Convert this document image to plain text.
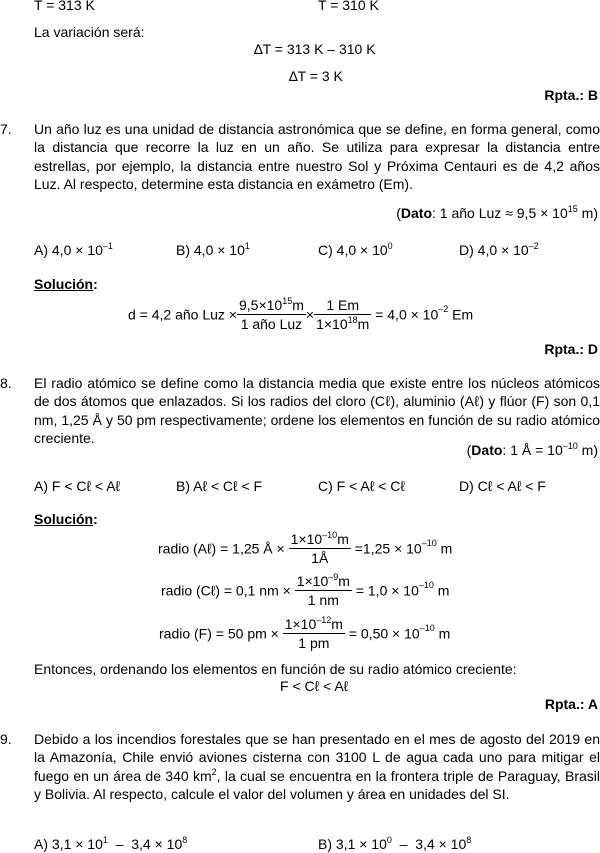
T = 313 K	T = 310 K
La variación será:
∆T = 313 K – 310 K
∆T = 3 K
Rpta.: B
7. Un año luz es una unidad de distancia astronómica que se define, en forma general, como la distancia que recorre la luz en un año. Se utiliza para expresar la distancia entre estrellas, por ejemplo, la distancia entre nuestro Sol y Próxima Centauri es de 4,2 años Luz. Al respecto, determine esta distancia en exámetro (Em).
(Dato: 1 año Luz ≈ $9,5 \times 10^{15}$ m)
A) $4,0 \times 10^{-1}$	B) $4,0 \times 10^1$	C) $4,0 \times 10^0$	D) $4,0 \times 10^{-2}$
Solución:
d = 4,2 año Luz × $\frac{9,5\times 10^{15}m}{\text{1 año Luz}} \times \frac{1 Em}{1\times 10^{18}m} = 4,0 \times 10^{-2}$ Em
Rpta.: D
8. El radio atómico se define como la distancia media que existe entre los núcleos atómicos de dos átomos que enlazados. Si los radios del cloro (Cℓ), aluminio (Aℓ) y flúor (F) son 0,1 nm, 1,25 Å y 50 pm respectivamente; ordene los elementos en función de su radio atómico creciente.
(Dato: 1 Å = $10^{-10}$ m)
A) F < Cℓ < Aℓ	B) Aℓ < Cℓ < F	C) F < Aℓ < Cℓ	D) Cℓ < Aℓ < F
Solución:
radio (Aℓ) = 1,25 Å × $\frac{1\times 10^{-10}m}{1Å} =1,25 \times 10^{-10}$ m
radio (Cℓ) = 0,1 nm × $\frac{1\times 10^{-9}m}{1 nm} = 1,0 \times 10^{-10}$ m
radio (F) = 50 pm × $\frac{1\times 10^{-12}m}{1 pm} = 0,50 \times 10^{-10}$ m
Entonces, ordenando los elementos en función de su radio atómico creciente:
F < Cℓ < Aℓ
Rpta.: A
9. Debido a los incendios forestales que se han presentado en el mes de agosto del 2019 en la Amazonía, Chile envió aviones cisterna con 3100 L de agua cada uno para mitigar el fuego en un área de 340 $km^2$, la cual se encuentra en la frontera triple de Paraguay, Brasil y Bolivia. Al respecto, calcule el valor del volumen y área en unidades del SI.
A) $3,1 \times 10^1 - 3,4 \times 10^8$	B) $3,1 \times 10^0 - 3,4 \times 10^8$
